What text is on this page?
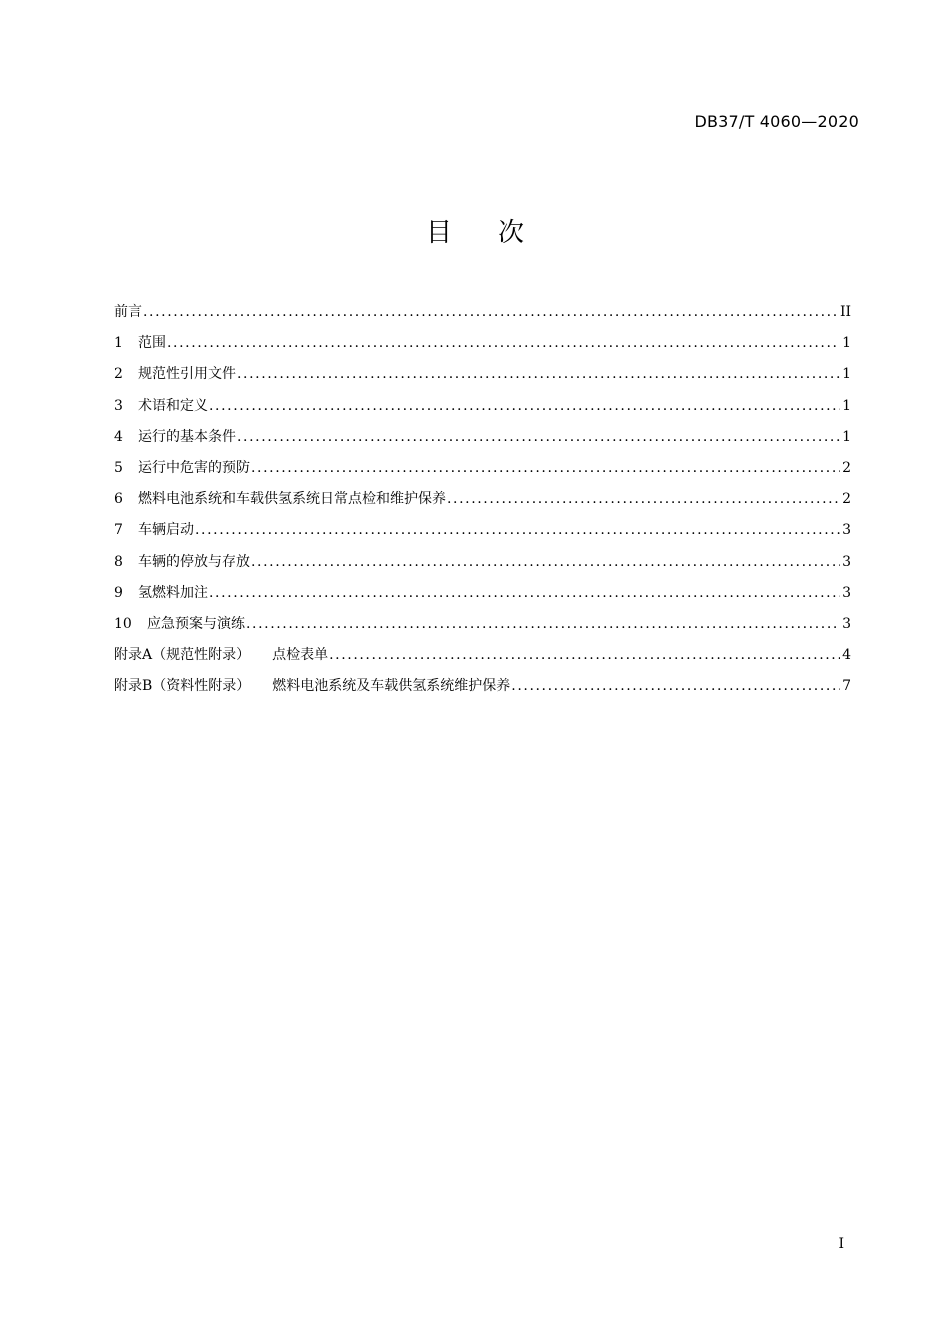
DB37/T 4060—2020
目 次
前言 .....	II
1	范围 .....	1
2	规范性引用文件 .....	1
3	术语和定义 .....	1
4	运行的基本条件 .....	1
5	运行中危害的预防 .....	2
6	燃料电池系统和车载供氢系统日常点检和维护保养 .....	2
7	车辆启动 .....	3
8	车辆的停放与存放 .....	3
9	氢燃料加注 .....	3
10	应急预案与演练 .....	3
附录A（规范性附录） 点检表单 .....	4
附录B（资料性附录） 燃料电池系统及车载供氢系统维护保养 .....	7
I
